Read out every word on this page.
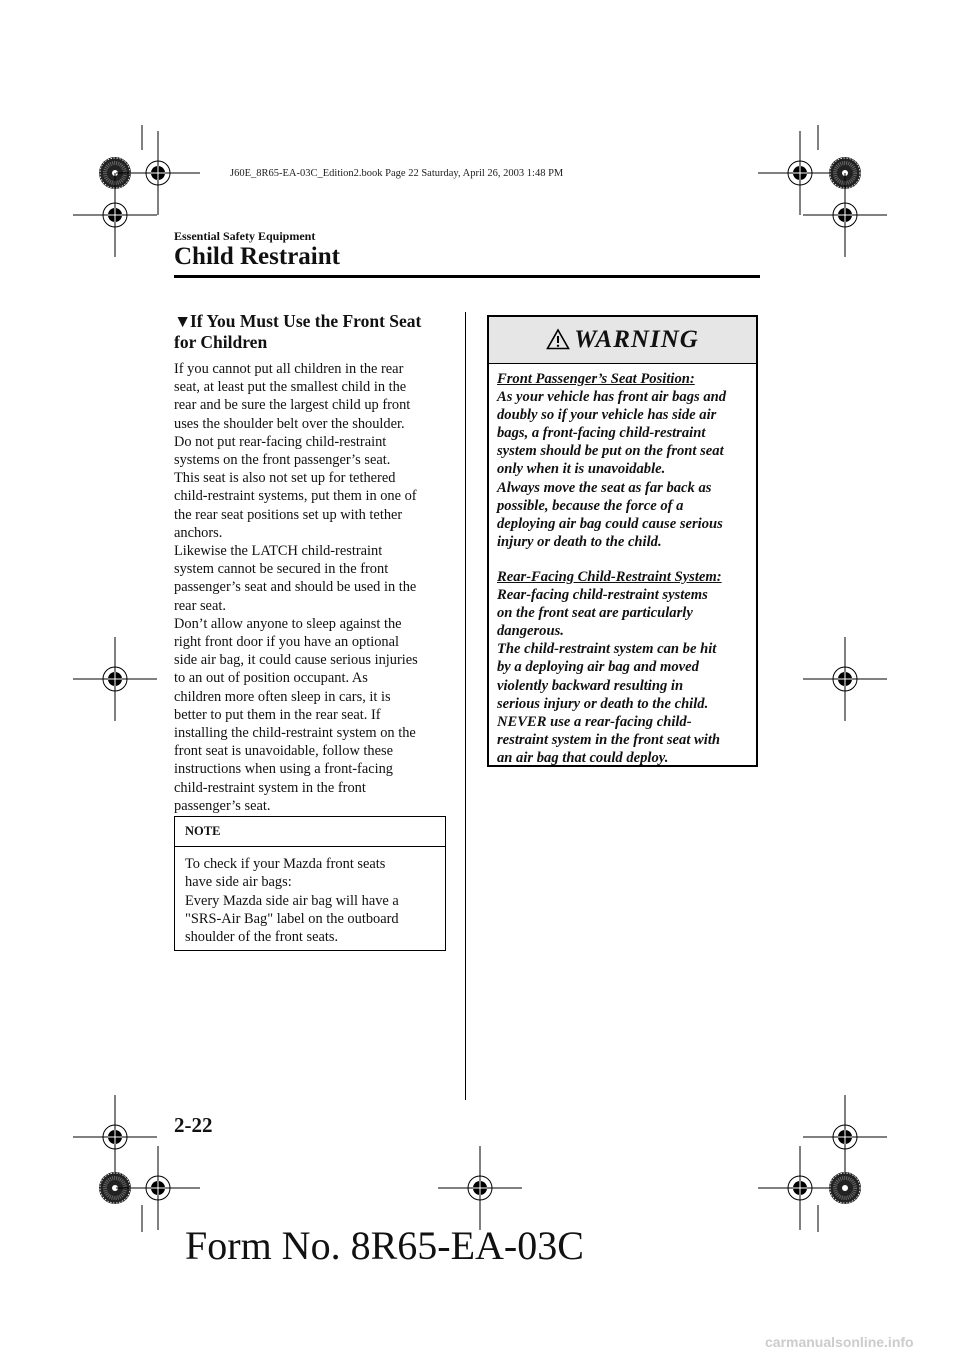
J60E_8R65-EA-03C_Edition2.book Page 22 Saturday, April 26, 2003 1:48 PM
Essential Safety Equipment
Child Restraint
▼If You Must Use the Front Seat
for Children

If you cannot put all children in the rear

seat, at least put the smallest child in the

rear and be sure the largest child up front

uses the shoulder belt over the shoulder.

Do not put rear-facing child-restraint

systems on the front passenger’s seat.

This seat is also not set up for tethered

child-restraint systems, put them in one of

the rear seat positions set up with tether

anchors.

Likewise the LATCH child-restraint

system cannot be secured in the front

passenger’s seat and should be used in the

rear seat.

Don’t allow anyone to sleep against the

right front door if you have an optional

side air bag, it could cause serious injuries

to an out of position occupant. As

children more often sleep in cars, it is

better to put them in the rear seat. If

installing the child-restraint system on the

front seat is unavoidable, follow these

instructions when using a front-facing

child-restraint system in the front

passenger’s seat.

NOTE

To check if your Mazda front seats

have side air bags:

Every Mazda side air bag will have a

"SRS-Air Bag" label on the outboard

shoulder of the front seats.

WARNING

Front Passenger’s Seat Position:

As your vehicle has front air bags and

doubly so if your vehicle has side air

bags, a front-facing child-restraint

system should be put on the front seat

only when it is unavoidable.

Always move the seat as far back as

possible, because the force of a

deploying air bag could cause serious

injury or death to the child.

Rear-Facing Child-Restraint System:

Rear-facing child-restraint systems

on the front seat are particularly

dangerous.

The child-restraint system can be hit

by a deploying air bag and moved

violently backward resulting in

serious injury or death to the child.

NEVER use a rear-facing child-

restraint system in the front seat with

an air bag that could deploy.

2-22
Form No. 8R65-EA-03C
carmanualsonline.info
